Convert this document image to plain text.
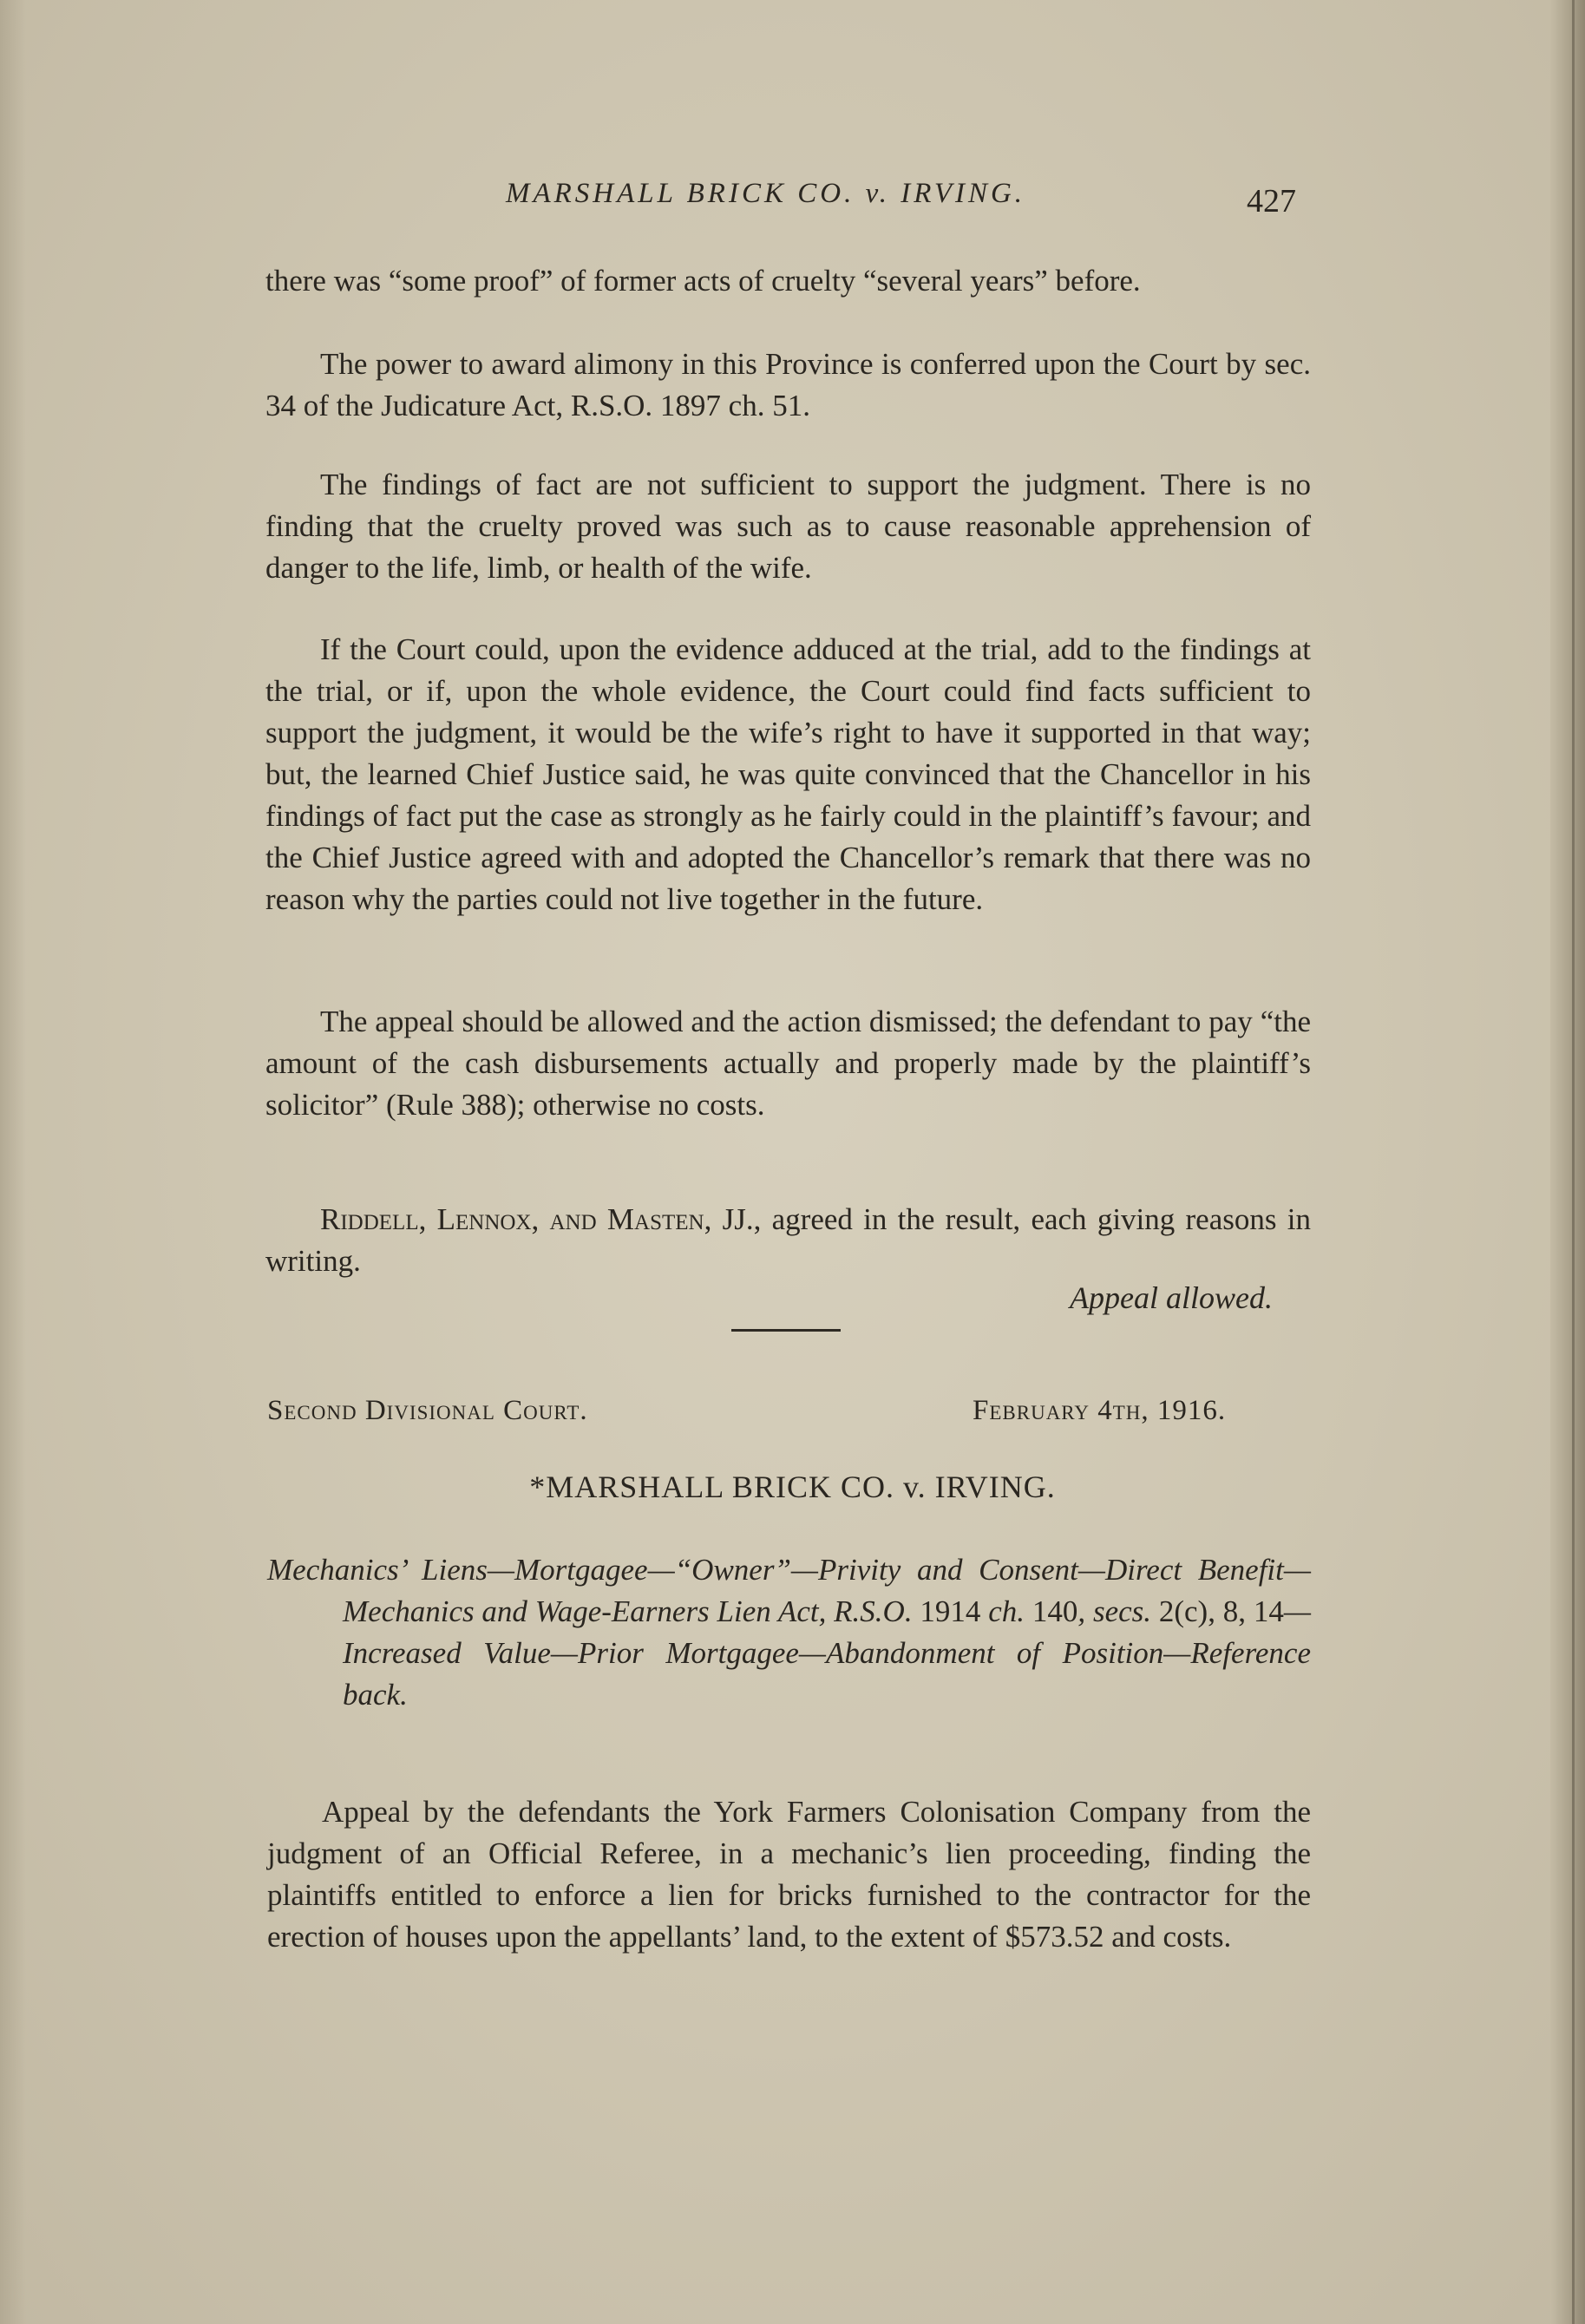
MARSHALL BRICK CO. v. IRVING.	427

there was “some proof” of former acts of cruelty “several years” before.

The power to award alimony in this Province is conferred upon the Court by sec. 34 of the Judicature Act, R.S.O. 1897 ch. 51.

The findings of fact are not sufficient to support the judgment. There is no finding that the cruelty proved was such as to cause reasonable apprehension of danger to the life, limb, or health of the wife.

If the Court could, upon the evidence adduced at the trial, add to the findings at the trial, or if, upon the whole evidence, the Court could find facts sufficient to support the judgment, it would be the wife’s right to have it supported in that way; but, the learned Chief Justice said, he was quite convinced that the Chancellor in his findings of fact put the case as strongly as he fairly could in the plaintiff’s favour; and the Chief Justice agreed with and adopted the Chancellor’s remark that there was no reason why the parties could not live together in the future.

The appeal should be allowed and the action dismissed; the defendant to pay “the amount of the cash disbursements actually and properly made by the plaintiff’s solicitor” (Rule 388); otherwise no costs.

Riddell, Lennox, and Masten, JJ., agreed in the result, each giving reasons in writing.

Appeal allowed.
Second Divisional Court.	February 4th, 1916.
*MARSHALL BRICK CO. v. IRVING.

Mechanics’ Liens—Mortgagee—“Owner”—Privity and Consent—Direct Benefit—Mechanics and Wage-Earners Lien Act, R.S.O. 1914 ch. 140, secs. 2(c), 8, 14—Increased Value—Prior Mortgagee—Abandonment of Position—Reference back.

Appeal by the defendants the York Farmers Colonisation Company from the judgment of an Official Referee, in a mechanic’s lien proceeding, finding the plaintiffs entitled to enforce a lien for bricks furnished to the contractor for the erection of houses upon the appellants’ land, to the extent of $573.52 and costs.
